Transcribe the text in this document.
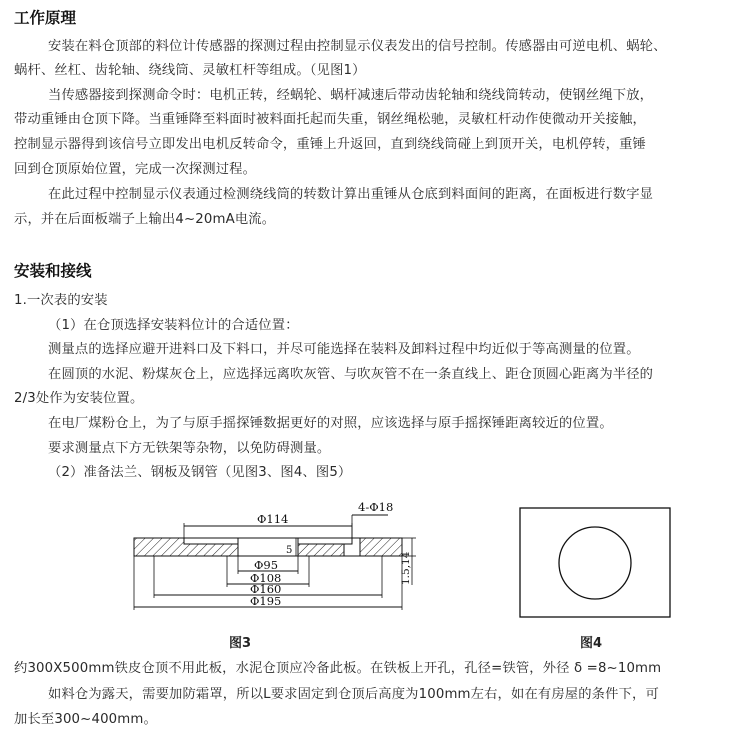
工作原理
安装在料仓顶部的料位计传感器的探测过程由控制显示仪表发出的信号控制。传感器由可逆电机、蜗轮、
蜗杆、丝杠、齿轮轴、绕线筒、灵敏杠杆等组成。（见图1）
当传感器接到探测命令时：电机正转，经蜗轮、蜗杆减速后带动齿轮轴和绕线筒转动，使钢丝绳下放，
带动重锤由仓顶下降。当重锤降至料面时被料面托起而失重，钢丝绳松驰，灵敏杠杆动作使微动开关接触，
控制显示器得到该信号立即发出电机反转命令，重锤上升返回，直到绕线筒碰上到顶开关，电机停转，重锤
回到仓顶原始位置，完成一次探测过程。
在此过程中控制显示仪表通过检测绕线筒的转数计算出重锤从仓底到料面间的距离，在面板进行数字显
示，并在后面板端子上输出4~20mA电流。
安装和接线
1.一次表的安装
（1）在仓顶选择安装料位计的合适位置：
测量点的选择应避开进料口及下料口，并尽可能选择在装料及卸料过程中均近似于等高测量的位置。
在圆顶的水泥、粉煤灰仓上，应选择远离吹灰管、与吹灰管不在一条直线上、距仓顶圆心距离为半径的
2/3处作为安装位置。
在电厂煤粉仓上，为了与原手摇探锤数据更好的对照，应该选择与原手摇探锤距离较近的位置。
要求测量点下方无铁架等杂物，以免防碍测量。
（2）准备法兰、钢板及钢管（见图3、图4、图5）
4-Φ18
Φ114
5
Φ95
Φ108
Φ160
Φ195
1.5,14
图3	图4
约300X500mm铁皮仓顶不用此板，水泥仓顶应冷备此板。在铁板上开孔，孔径=铁管，外径 δ =8~10mm
如料仓为露天，需要加防霜罩，所以L要求固定到仓顶后高度为100mm左右，如在有房屋的条件下，可
加长至300~400mm。
